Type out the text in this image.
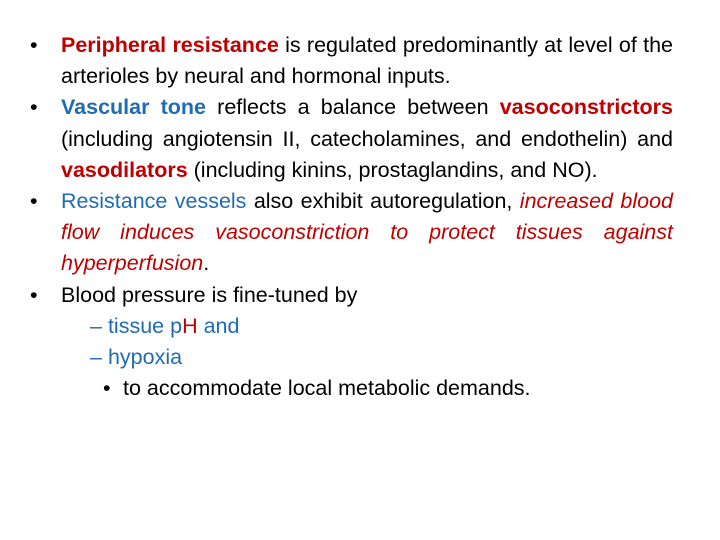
• Peripheral resistance is regulated predominantly at level of the arterioles by neural and hormonal inputs.
• Vascular tone reflects a balance between vasoconstrictors (including angiotensin II, catecholamines, and endothelin) and vasodilators (including kinins, prostaglandins, and NO).
• Resistance vessels also exhibit autoregulation, increased blood flow induces vasoconstriction to protect tissues against hyperperfusion.
• Blood pressure is fine-tuned by
– tissue pH and
– hypoxia
• to accommodate local metabolic demands.
